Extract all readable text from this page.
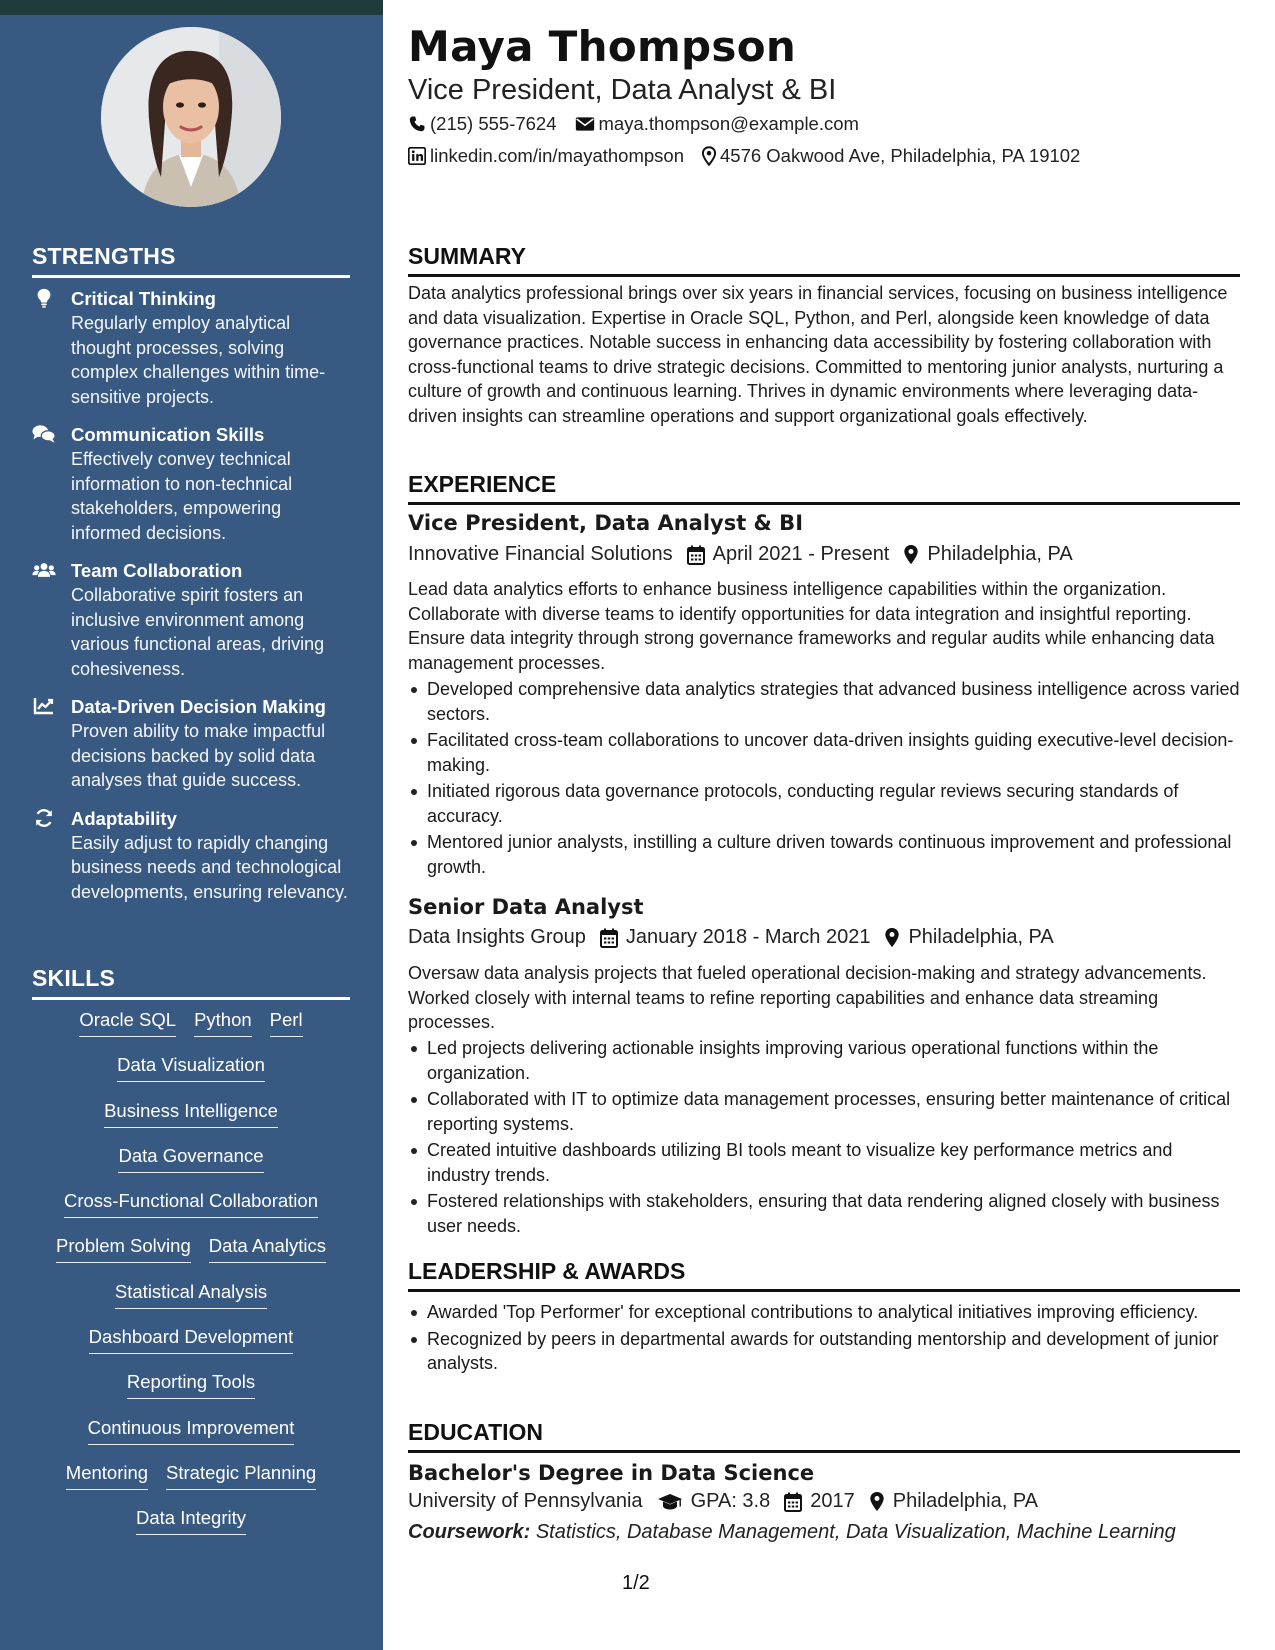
STRENGTHS
Critical Thinking
Regularly employ analytical thought processes, solving complex challenges within time-sensitive projects.
Communication Skills
Effectively convey technical information to non-technical stakeholders, empowering informed decisions.
Team Collaboration
Collaborative spirit fosters an inclusive environment among various functional areas, driving cohesiveness.
Data-Driven Decision Making
Proven ability to make impactful decisions backed by solid data analyses that guide success.
Adaptability
Easily adjust to rapidly changing business needs and technological developments, ensuring relevancy.
SKILLS
Oracle SQL Python Perl
Data Visualization
Business Intelligence
Data Governance
Cross-Functional Collaboration
Problem Solving Data Analytics
Statistical Analysis
Dashboard Development
Reporting Tools
Continuous Improvement
Mentoring Strategic Planning
Data Integrity
Maya Thompson
Vice President, Data Analyst & BI
(215) 555-7624 maya.thompson@example.com
linkedin.com/in/mayathompson 4576 Oakwood Ave, Philadelphia, PA 19102
SUMMARY
Data analytics professional brings over six years in financial services, focusing on business intelligence and data visualization. Expertise in Oracle SQL, Python, and Perl, alongside keen knowledge of data governance practices. Notable success in enhancing data accessibility by fostering collaboration with cross-functional teams to drive strategic decisions. Committed to mentoring junior analysts, nurturing a culture of growth and continuous learning. Thrives in dynamic environments where leveraging data-driven insights can streamline operations and support organizational goals effectively.
EXPERIENCE
Vice President, Data Analyst & BI
Innovative Financial Solutions April 2021 - Present Philadelphia, PA
Lead data analytics efforts to enhance business intelligence capabilities within the organization. Collaborate with diverse teams to identify opportunities for data integration and insightful reporting. Ensure data integrity through strong governance frameworks and regular audits while enhancing data management processes.
Developed comprehensive data analytics strategies that advanced business intelligence across varied sectors.
Facilitated cross-team collaborations to uncover data-driven insights guiding executive-level decision-making.
Initiated rigorous data governance protocols, conducting regular reviews securing standards of accuracy.
Mentored junior analysts, instilling a culture driven towards continuous improvement and professional growth.
Senior Data Analyst
Data Insights Group January 2018 - March 2021 Philadelphia, PA
Oversaw data analysis projects that fueled operational decision-making and strategy advancements. Worked closely with internal teams to refine reporting capabilities and enhance data streaming processes.
Led projects delivering actionable insights improving various operational functions within the organization.
Collaborated with IT to optimize data management processes, ensuring better maintenance of critical reporting systems.
Created intuitive dashboards utilizing BI tools meant to visualize key performance metrics and industry trends.
Fostered relationships with stakeholders, ensuring that data rendering aligned closely with business user needs.
LEADERSHIP & AWARDS
Awarded 'Top Performer' for exceptional contributions to analytical initiatives improving efficiency.
Recognized by peers in departmental awards for outstanding mentorship and development of junior analysts.
EDUCATION
Bachelor's Degree in Data Science
University of Pennsylvania GPA: 3.8 2017 Philadelphia, PA
Coursework: Statistics, Database Management, Data Visualization, Machine Learning
1/2
